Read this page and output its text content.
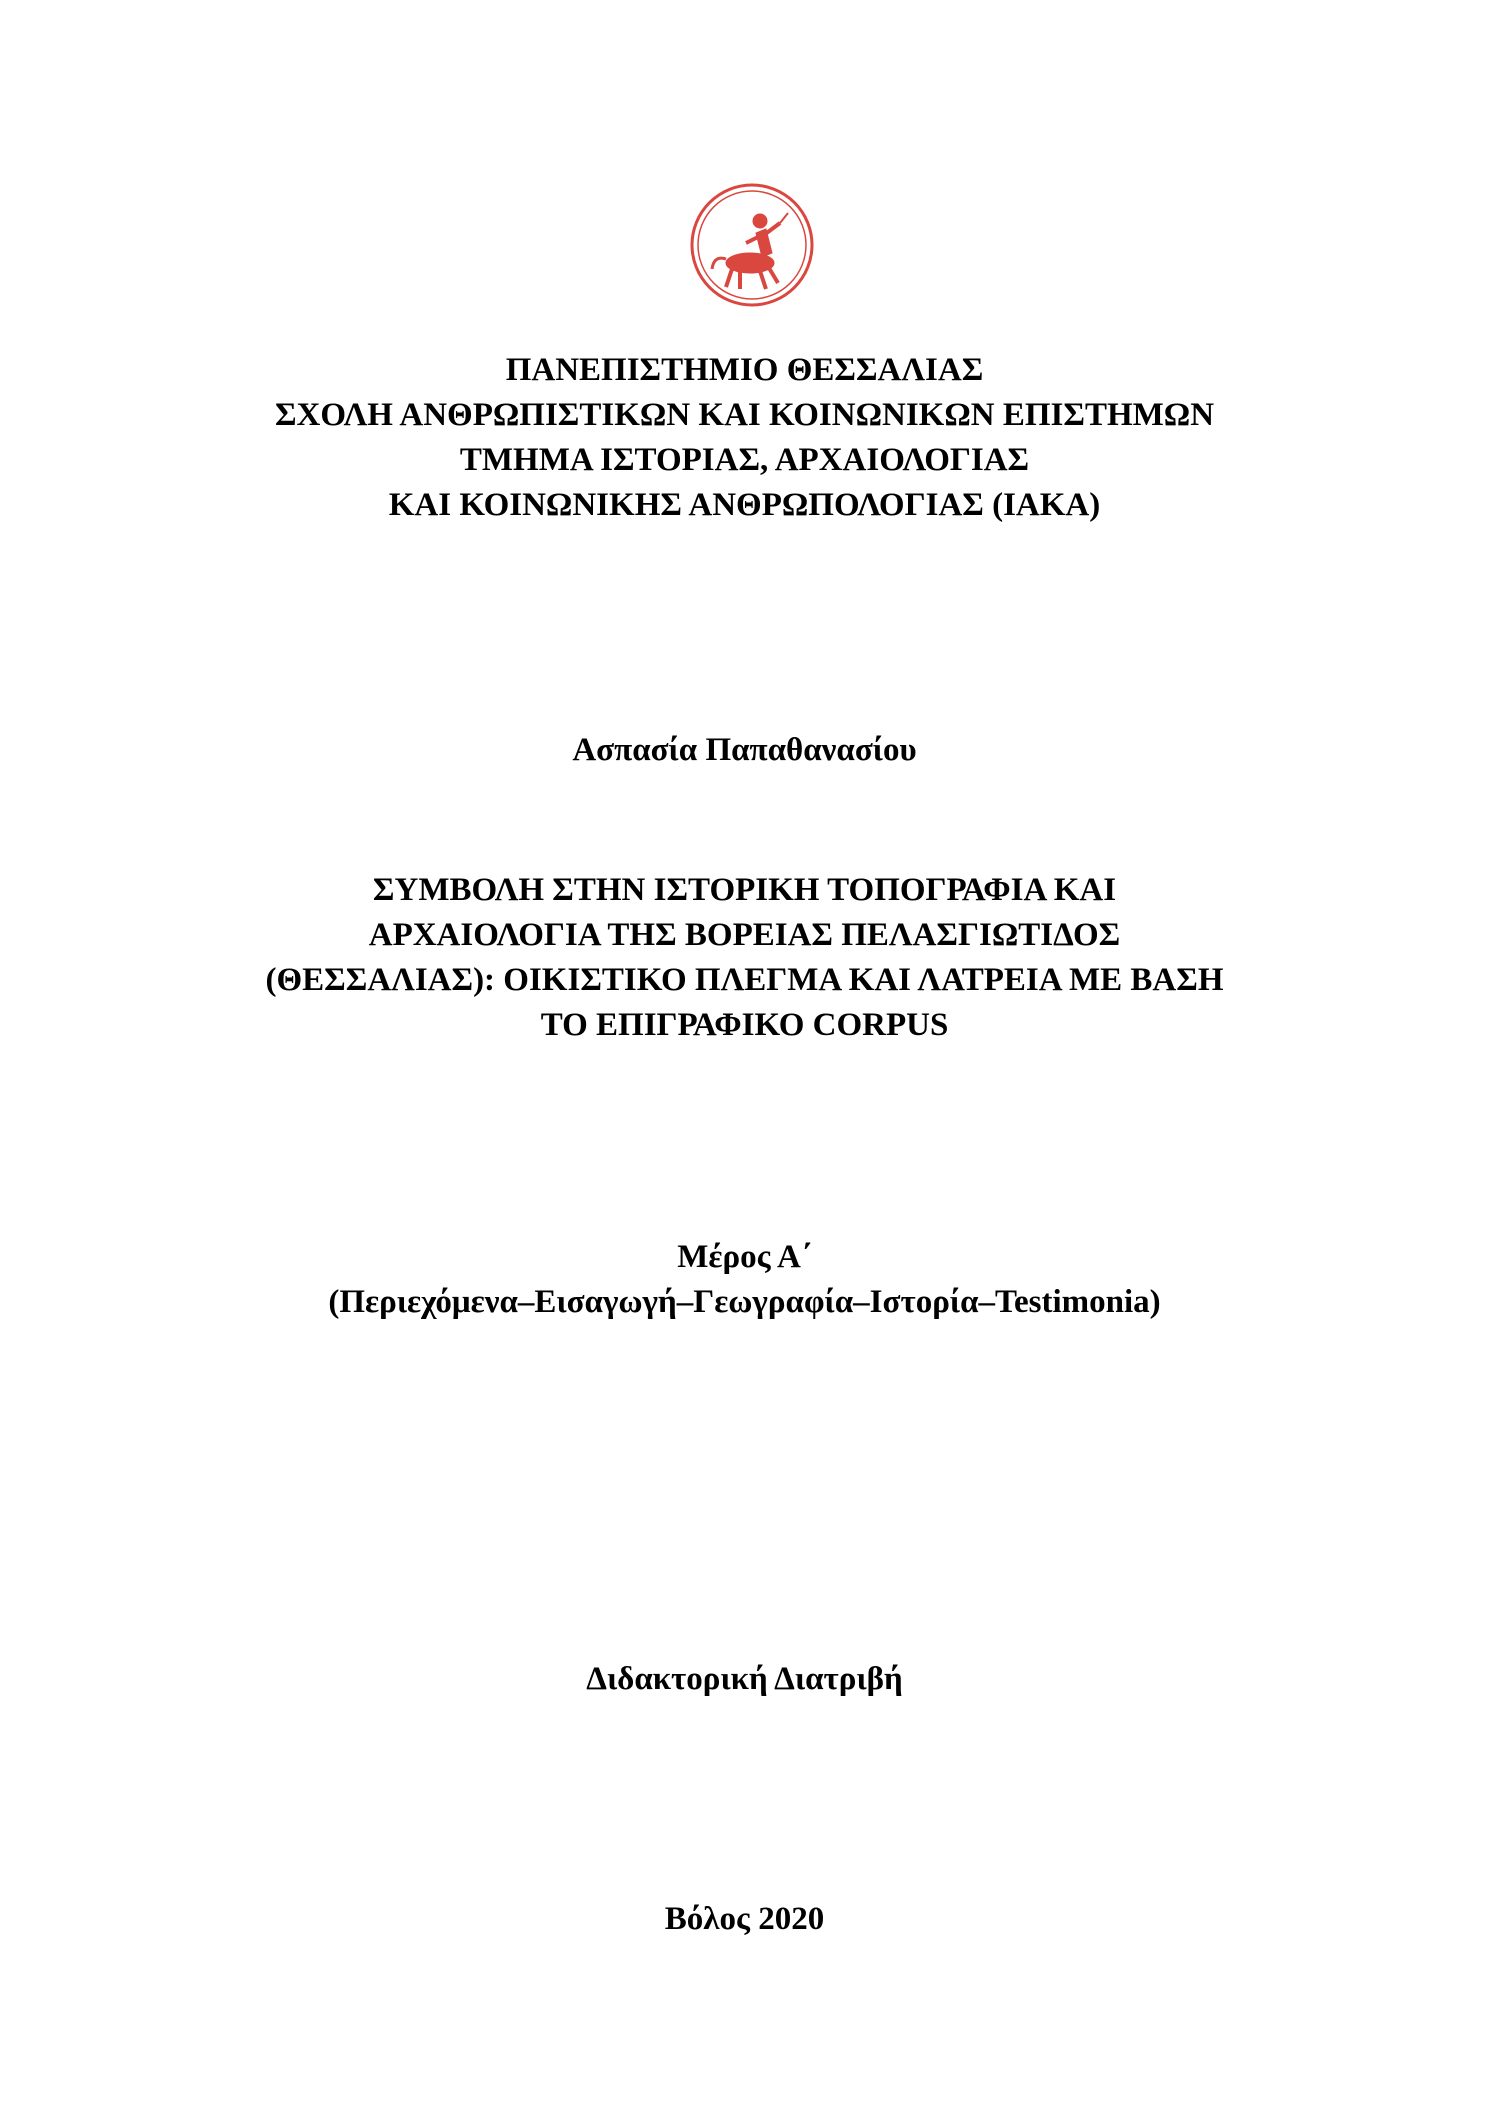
ΠΑΝΕΠΙΣΤΗΜΙΟ ΘΕΣΣΑΛΙΑΣ
ΣΧΟΛΗ ΑΝΘΡΩΠΙΣΤΙΚΩΝ ΚΑΙ ΚΟΙΝΩΝΙΚΩΝ ΕΠΙΣΤΗΜΩΝ
ΤΜΗΜΑ ΙΣΤΟΡΙΑΣ, ΑΡΧΑΙΟΛΟΓΙΑΣ
ΚΑΙ ΚΟΙΝΩΝΙΚΗΣ ΑΝΘΡΩΠΟΛΟΓΙΑΣ (ΙΑΚΑ)
Ασπασία Παπαθανασίου
ΣΥΜΒΟΛΗ ΣΤΗΝ ΙΣΤΟΡΙΚΗ ΤΟΠΟΓΡΑΦΙΑ ΚΑΙ
ΑΡΧΑΙΟΛΟΓΙΑ ΤΗΣ ΒΟΡΕΙΑΣ ΠΕΛΑΣΓΙΩΤΙΔΟΣ
(ΘΕΣΣΑΛΙΑΣ): ΟΙΚΙΣΤΙΚΟ ΠΛΕΓΜΑ ΚΑΙ ΛΑΤΡΕΙΑ ΜΕ ΒΑΣΗ
ΤΟ ΕΠΙΓΡΑΦΙΚΟ CORPUS
Μέρος Α΄
(Περιεχόμενα–Εισαγωγή–Γεωγραφία–Ιστορία–Testimonia)
Διδακτορική Διατριβή
Βόλος 2020
